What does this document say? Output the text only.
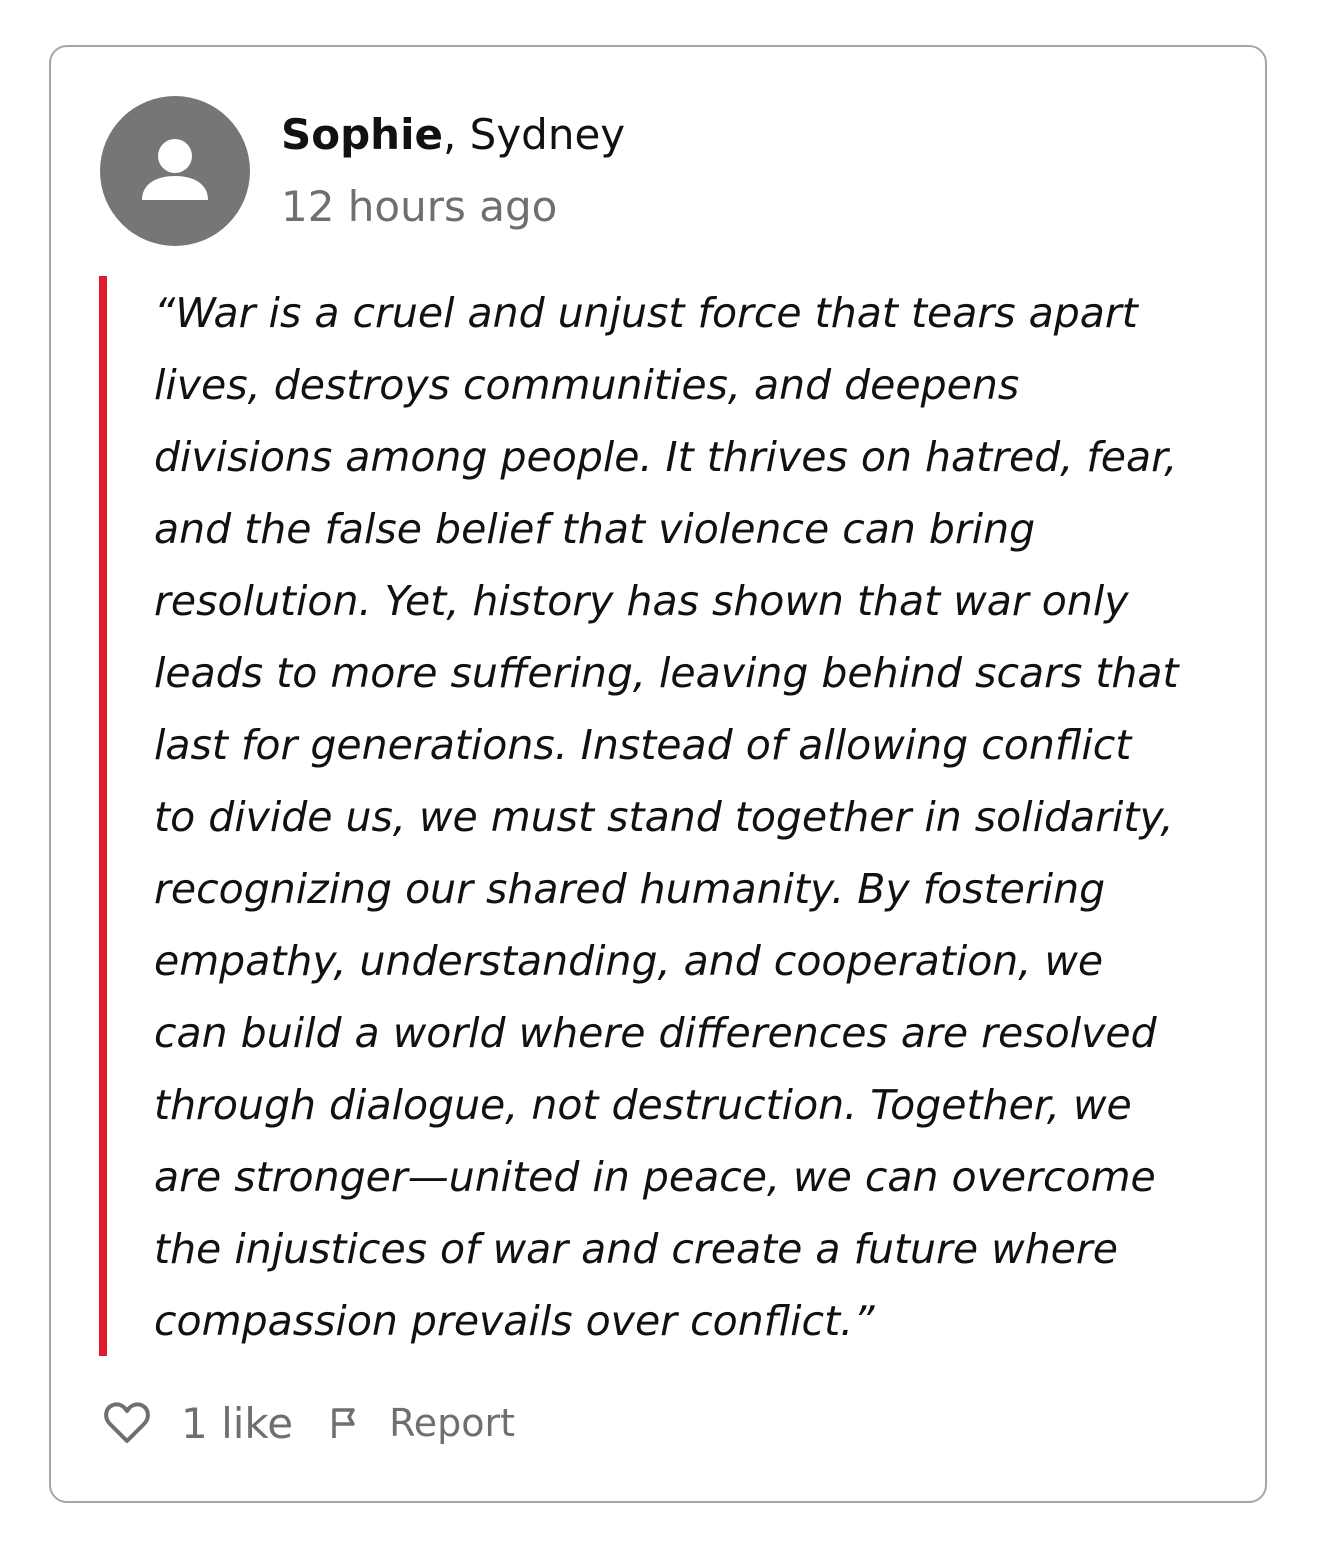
Sophie, Sydney
12 hours ago

“War is a cruel and unjust force that tears apart
lives, destroys communities, and deepens
divisions among people. It thrives on hatred, fear,
and the false belief that violence can bring
resolution. Yet, history has shown that war only
leads to more suffering, leaving behind scars that
last for generations. Instead of allowing conflict
to divide us, we must stand together in solidarity,
recognizing our shared humanity. By fostering
empathy, understanding, and cooperation, we
can build a world where differences are resolved
through dialogue, not destruction. Together, we
are stronger—united in peace, we can overcome
the injustices of war and create a future where
compassion prevails over conflict.”

1 like	Report
